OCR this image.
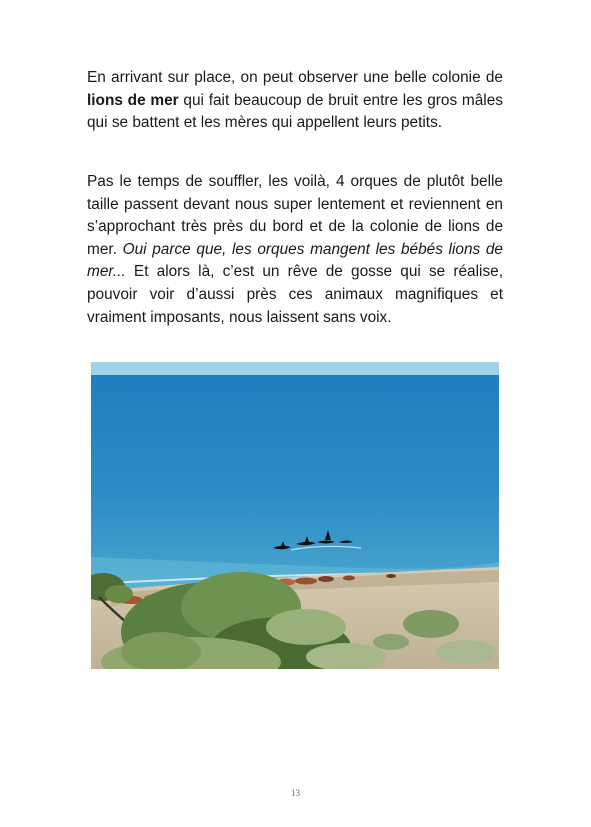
En arrivant sur place, on peut observer une belle colonie de lions de mer qui fait beaucoup de bruit entre les gros mâles qui se battent et les mères qui appellent leurs petits.

Pas le temps de souffler, les voilà, 4 orques de plutôt belle taille passent devant nous super lentement et reviennent en s’approchant très près du bord et de la colonie de lions de mer. Oui parce que, les orques mangent les bébés lions de mer... Et alors là, c’est un rêve de gosse qui se réalise, pouvoir voir d’aussi près ces animaux magnifiques et vraiment imposants, nous laissent sans voix.

13
